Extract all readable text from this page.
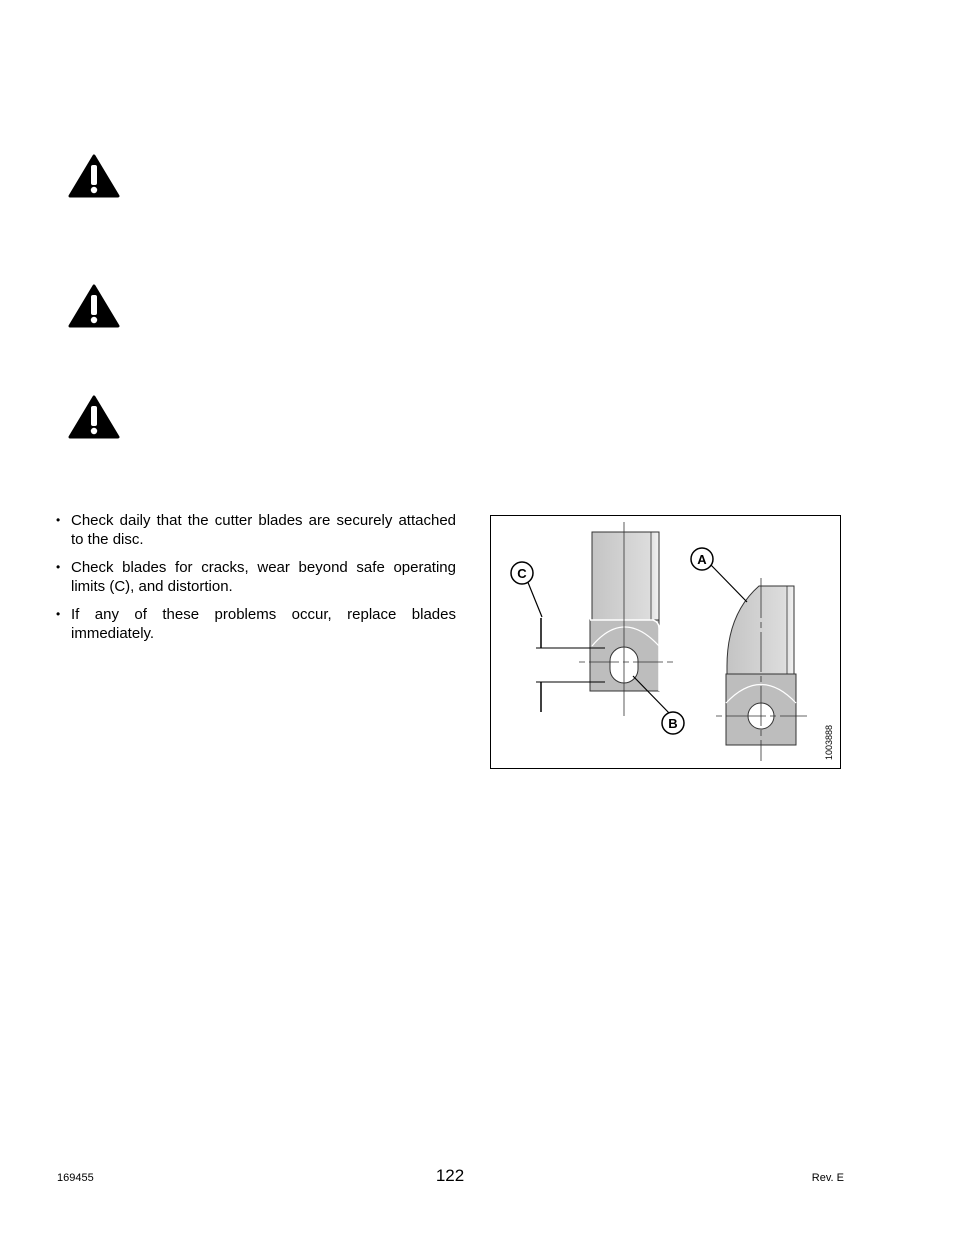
• Check daily that the cutter blades are securely attached to the disc.
• Check blades for cracks, wear beyond safe operating limits (C), and distortion.
• If any of these problems occur, replace blades immediately.
C
A
B
1003888
169455	122	Rev. E
